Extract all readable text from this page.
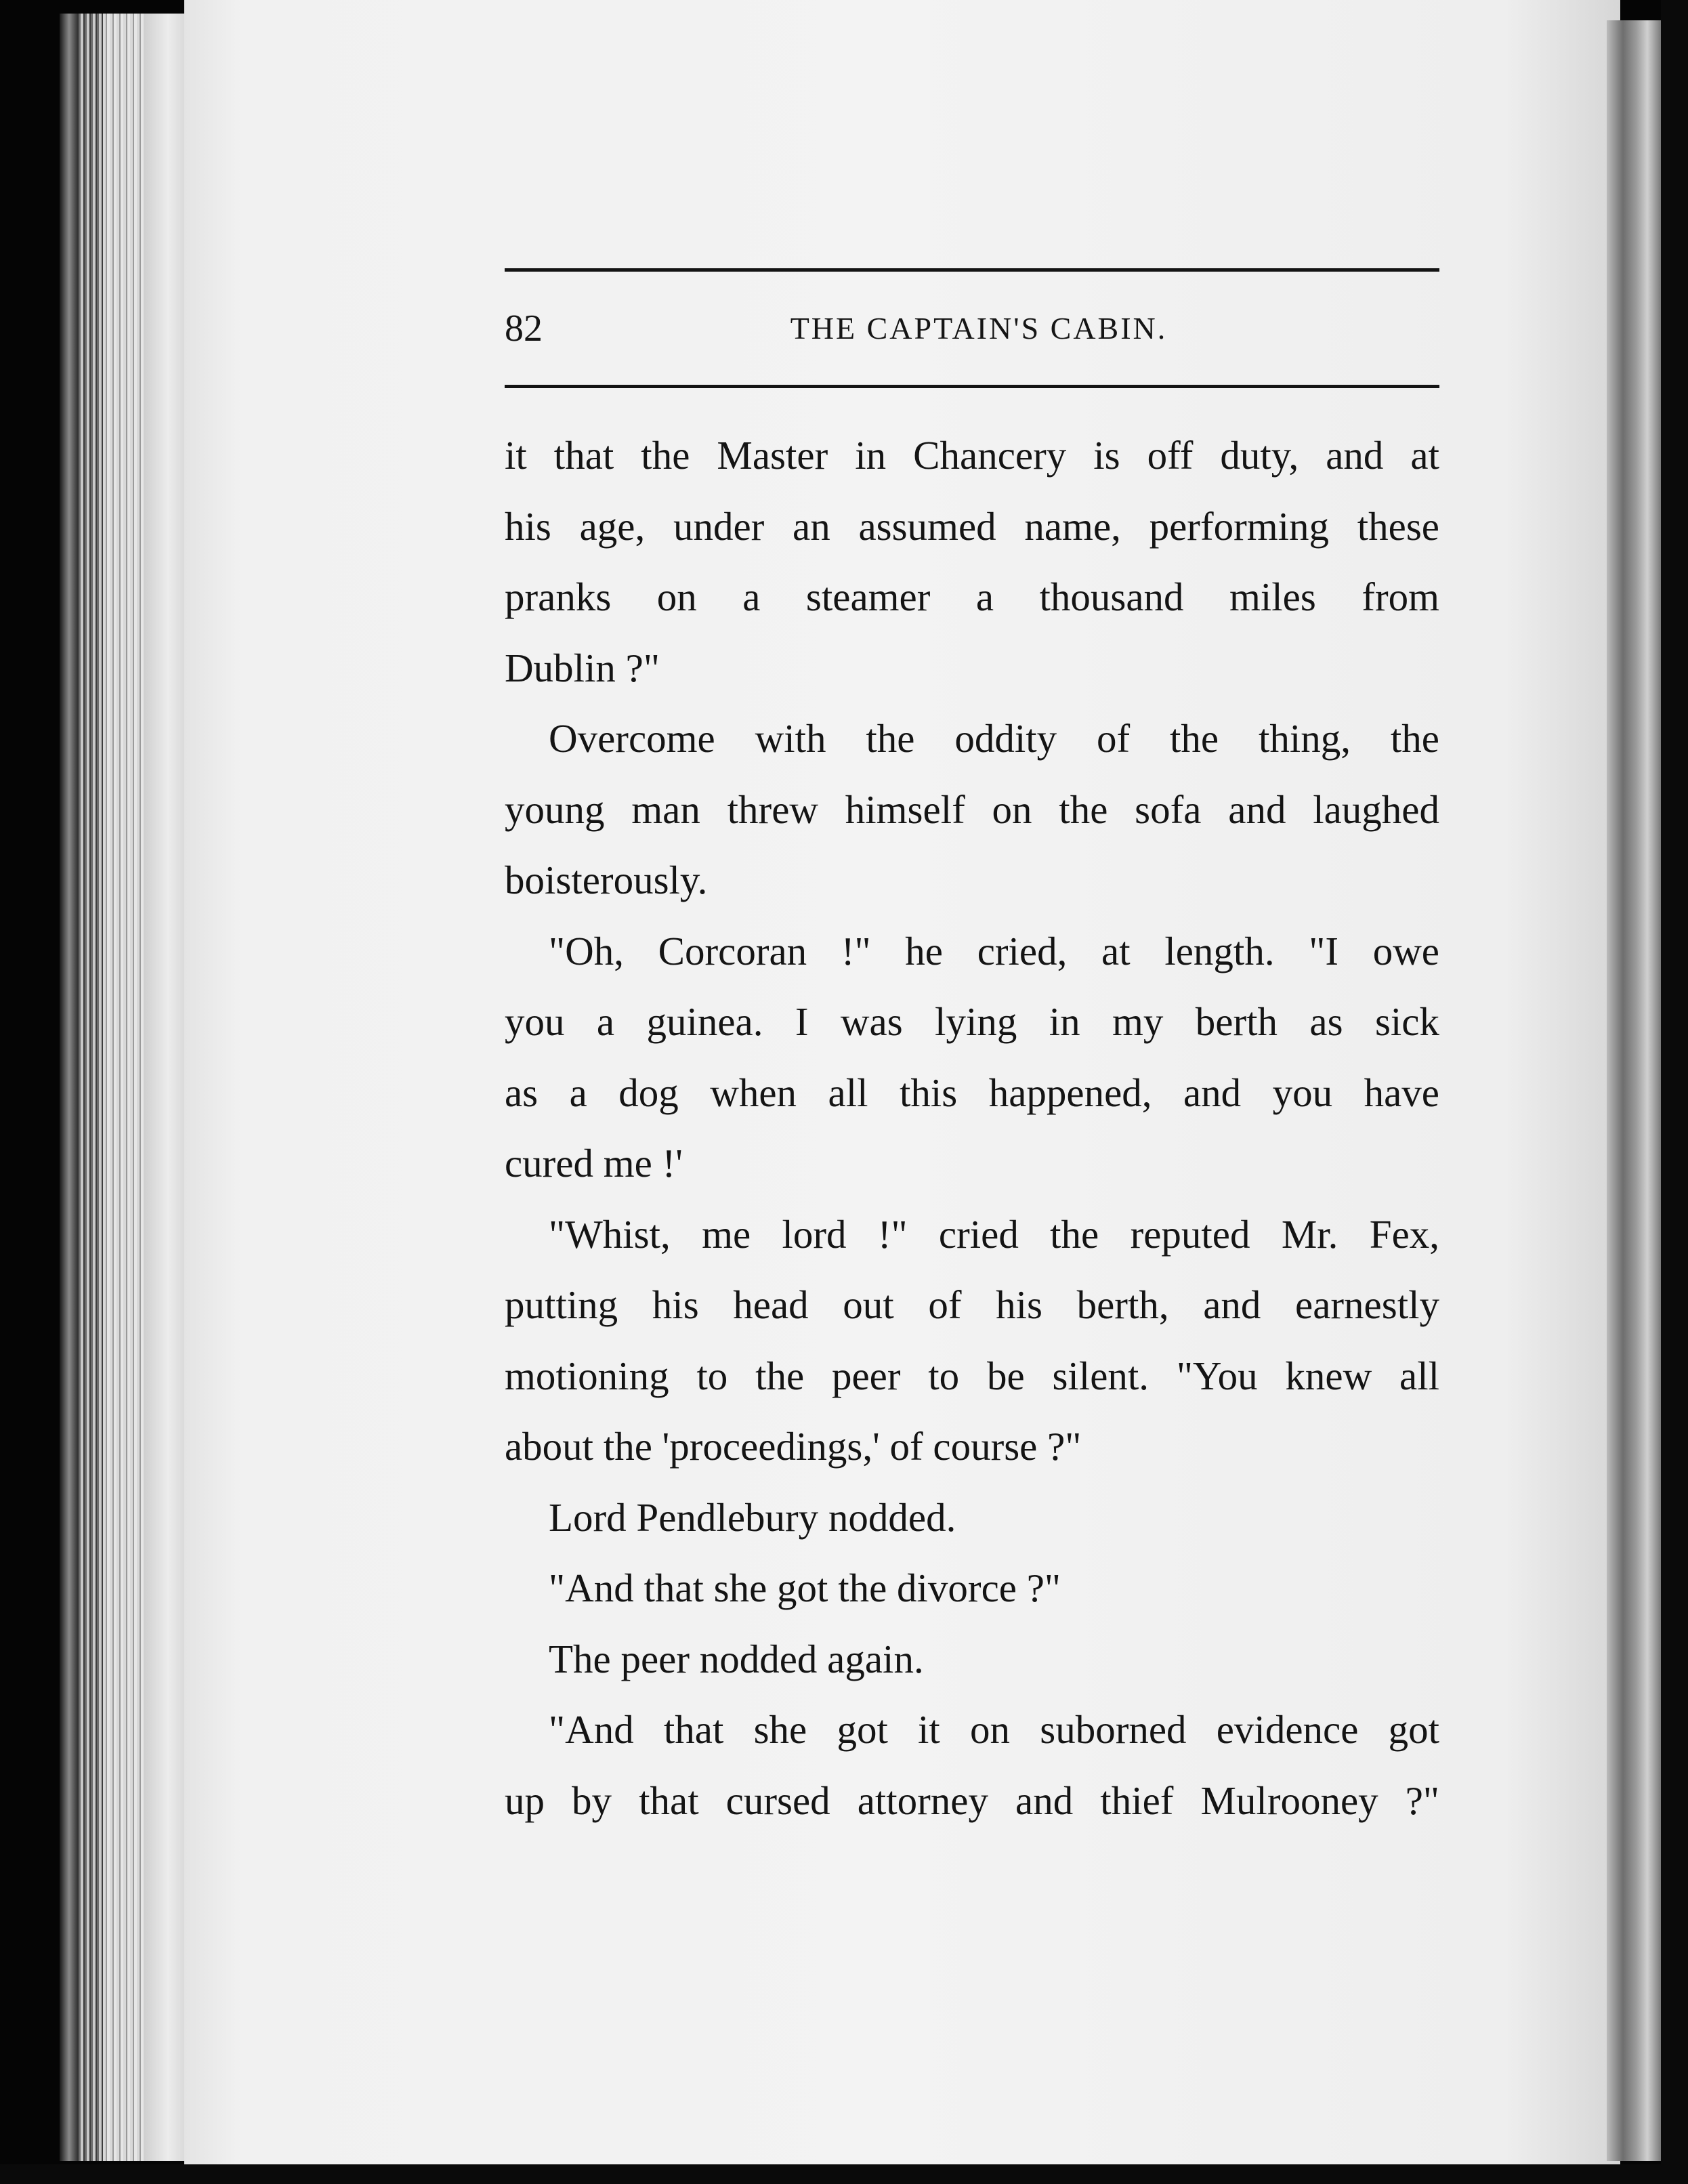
82	THE CAPTAIN'S CABIN.
it that the Master in Chancery is off duty, and at
his age, under an assumed name, performing these
pranks on a steamer a thousand miles from
Dublin ?"
Overcome with the oddity of the thing, the
young man threw himself on the sofa and laughed
boisterously.
"Oh, Corcoran !" he cried, at length. "I owe
you a guinea. I was lying in my berth as sick
as a dog when all this happened, and you have
cured me !'
"Whist, me lord !" cried the reputed Mr. Fex,
putting his head out of his berth, and earnestly
motioning to the peer to be silent. "You knew all
about the 'proceedings,' of course ?"
Lord Pendlebury nodded.
"And that she got the divorce ?"
The peer nodded again.
"And that she got it on suborned evidence got
up by that cursed attorney and thief Mulrooney ?"
